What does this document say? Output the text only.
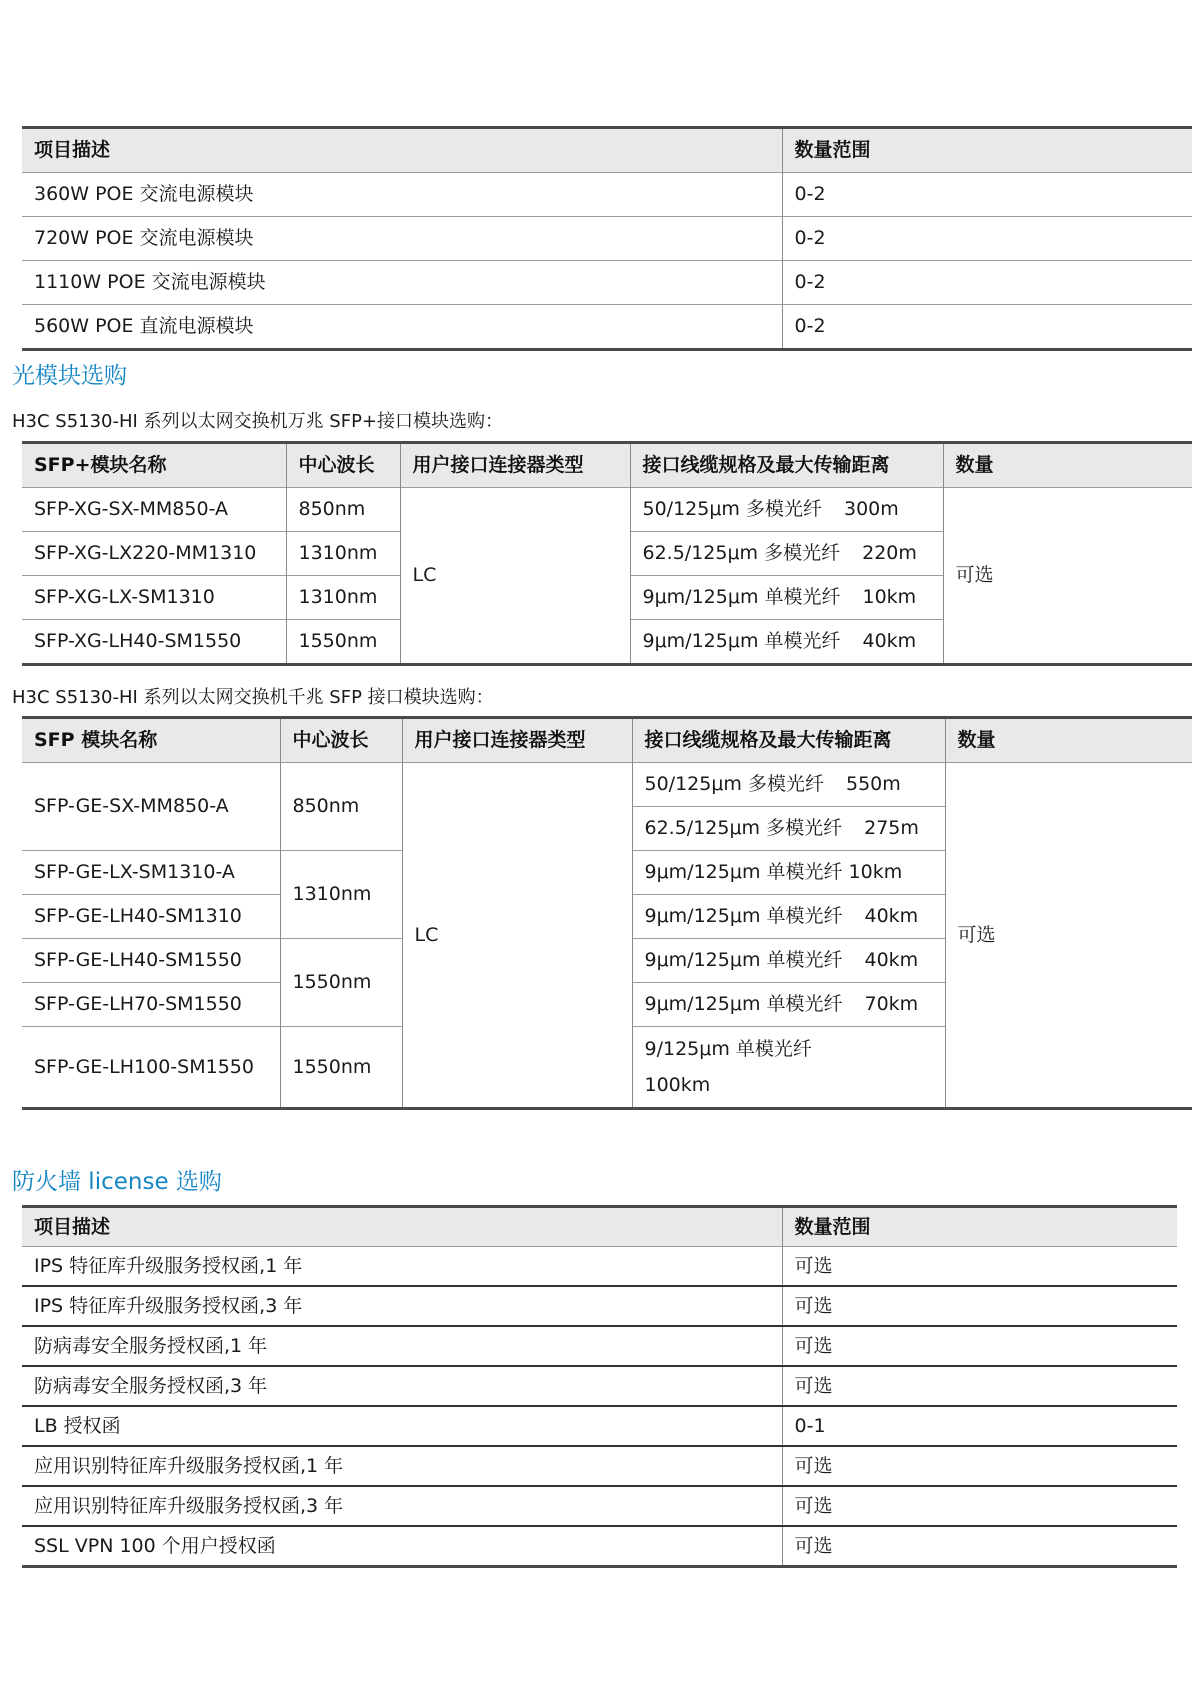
项目描述	数量范围
360W POE 交流电源模块	0-2
720W POE 交流电源模块	0-2
1110W POE 交流电源模块	0-2
560W POE 直流电源模块	0-2
光模块选购
H3C S5130-HI 系列以太网交换机万兆 SFP+接口模块选购：
SFP+模块名称	中心波长	用户接口连接器类型	接口线缆规格及最大传输距离	数量
SFP-XG-SX-MM850-A	850nm	LC	50/125μm 多模光纤 300m	可选
SFP-XG-LX220-MM1310	1310nm		62.5/125μm 多模光纤 220m	
SFP-XG-LX-SM1310	1310nm		9μm/125μm 单模光纤 10km	
SFP-XG-LH40-SM1550	1550nm		9μm/125μm 单模光纤 40km	
H3C S5130-HI 系列以太网交换机千兆 SFP 接口模块选购：
SFP 模块名称	中心波长	用户接口连接器类型	接口线缆规格及最大传输距离	数量
SFP-GE-SX-MM850-A	850nm	LC	50/125μm 多模光纤 550m	可选
			62.5/125μm 多模光纤 275m	
SFP-GE-LX-SM1310-A	1310nm		9μm/125μm 单模光纤 10km	
SFP-GE-LH40-SM1310			9μm/125μm 单模光纤 40km	
SFP-GE-LH40-SM1550	1550nm		9μm/125μm 单模光纤 40km	
SFP-GE-LH70-SM1550			9μm/125μm 单模光纤 70km	
SFP-GE-LH100-SM1550	1550nm		9/125μm 单模光纤
100km	
防火墙 license 选购
项目描述	数量范围
IPS 特征库升级服务授权函,1 年	可选
IPS 特征库升级服务授权函,3 年	可选
防病毒安全服务授权函,1 年	可选
防病毒安全服务授权函,3 年	可选
LB 授权函	0-1
应用识别特征库升级服务授权函,1 年	可选
应用识别特征库升级服务授权函,3 年	可选
SSL VPN 100 个用户授权函	可选
